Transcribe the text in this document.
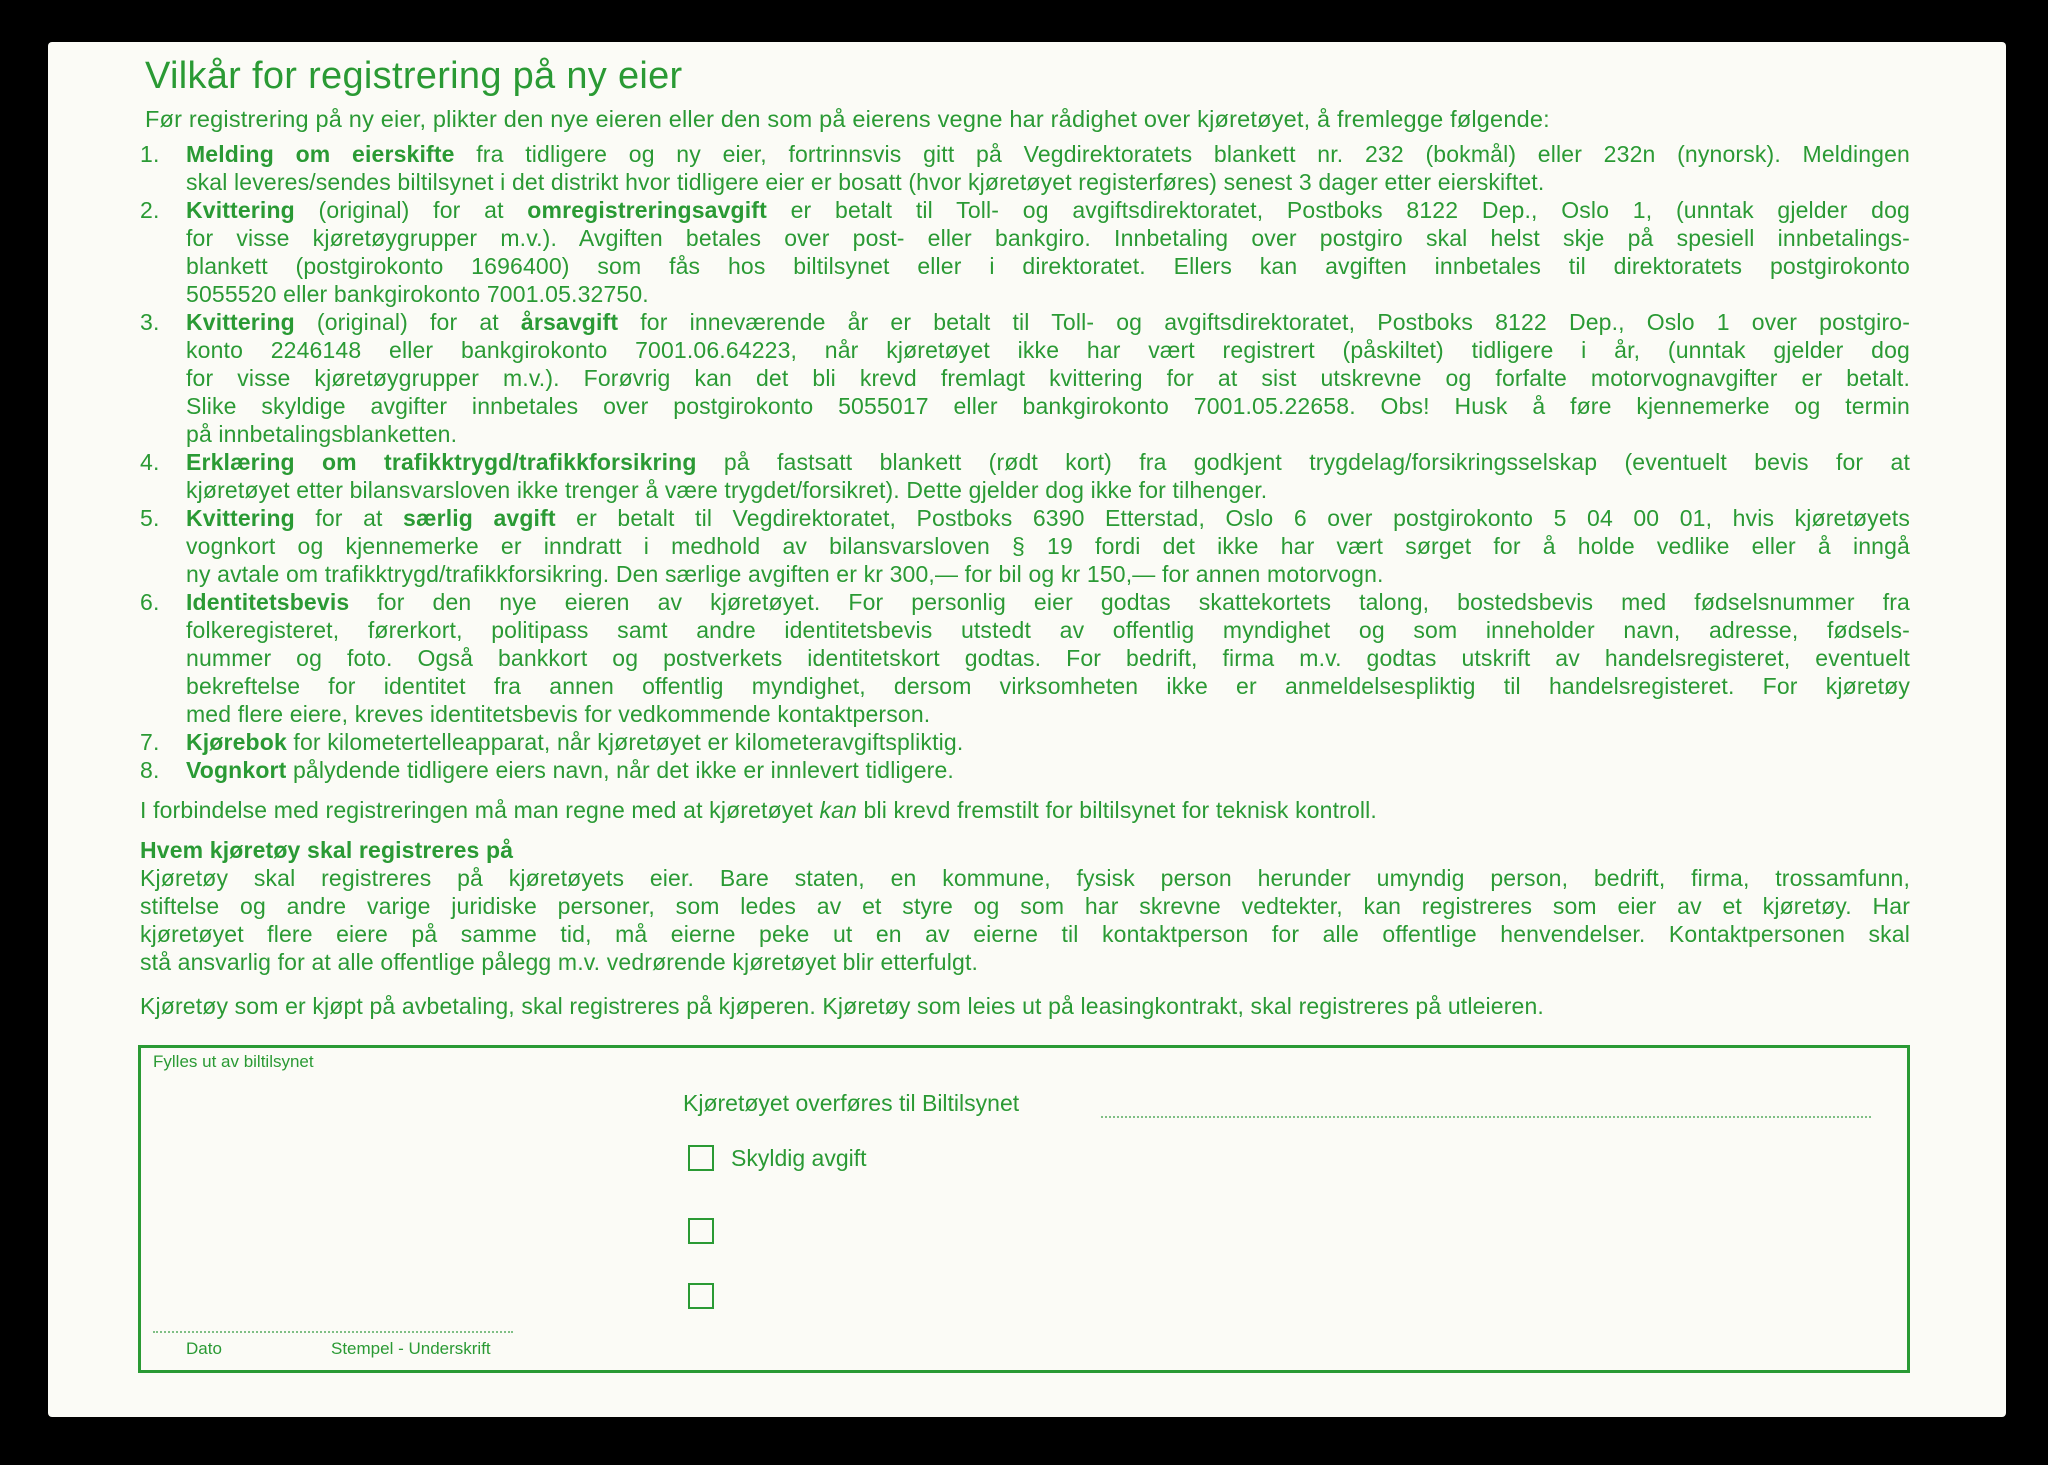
Vilkår for registrering på ny eier
Før registrering på ny eier, plikter den nye eieren eller den som på eierens vegne har rådighet over kjøretøyet, å fremlegge følgende:
1. Melding om eierskifte fra tidligere og ny eier, fortrinnsvis gitt på Vegdirektoratets blankett nr. 232 (bokmål) eller 232n (nynorsk). Meldingen
skal leveres/sendes biltilsynet i det distrikt hvor tidligere eier er bosatt (hvor kjøretøyet registerføres) senest 3 dager etter eierskiftet.
2. Kvittering (original) for at omregistreringsavgift er betalt til Toll- og avgiftsdirektoratet, Postboks 8122 Dep., Oslo 1, (unntak gjelder dog
for visse kjøretøygrupper m.v.). Avgiften betales over post- eller bankgiro. Innbetaling over postgiro skal helst skje på spesiell innbetalings-
blankett (postgirokonto 1696400) som fås hos biltilsynet eller i direktoratet. Ellers kan avgiften innbetales til direktoratets postgirokonto
5055520 eller bankgirokonto 7001.05.32750.
3. Kvittering (original) for at årsavgift for inneværende år er betalt til Toll- og avgiftsdirektoratet, Postboks 8122 Dep., Oslo 1 over postgiro-
konto 2246148 eller bankgirokonto 7001.06.64223, når kjøretøyet ikke har vært registrert (påskiltet) tidligere i år, (unntak gjelder dog
for visse kjøretøygrupper m.v.). Forøvrig kan det bli krevd fremlagt kvittering for at sist utskrevne og forfalte motorvognavgifter er betalt.
Slike skyldige avgifter innbetales over postgirokonto 5055017 eller bankgirokonto 7001.05.22658. Obs! Husk å føre kjennemerke og termin
på innbetalingsblanketten.
4. Erklæring om trafikktrygd/trafikkforsikring på fastsatt blankett (rødt kort) fra godkjent trygdelag/forsikringsselskap (eventuelt bevis for at
kjøretøyet etter bilansvarsloven ikke trenger å være trygdet/forsikret). Dette gjelder dog ikke for tilhenger.
5. Kvittering for at særlig avgift er betalt til Vegdirektoratet, Postboks 6390 Etterstad, Oslo 6 over postgirokonto 5 04 00 01, hvis kjøretøyets
vognkort og kjennemerke er inndratt i medhold av bilansvarsloven § 19 fordi det ikke har vært sørget for å holde vedlike eller å inngå
ny avtale om trafikktrygd/trafikkforsikring. Den særlige avgiften er kr 300,— for bil og kr 150,— for annen motorvogn.
6. Identitetsbevis for den nye eieren av kjøretøyet. For personlig eier godtas skattekortets talong, bostedsbevis med fødselsnummer fra
folkeregisteret, førerkort, politipass samt andre identitetsbevis utstedt av offentlig myndighet og som inneholder navn, adresse, fødsels-
nummer og foto. Også bankkort og postverkets identitetskort godtas. For bedrift, firma m.v. godtas utskrift av handelsregisteret, eventuelt
bekreftelse for identitet fra annen offentlig myndighet, dersom virksomheten ikke er anmeldelsespliktig til handelsregisteret. For kjøretøy
med flere eiere, kreves identitetsbevis for vedkommende kontaktperson.
7. Kjørebok for kilometertelleapparat, når kjøretøyet er kilometeravgiftspliktig.
8. Vognkort pålydende tidligere eiers navn, når det ikke er innlevert tidligere.
I forbindelse med registreringen må man regne med at kjøretøyet kan bli krevd fremstilt for biltilsynet for teknisk kontroll.
Hvem kjøretøy skal registreres på
Kjøretøy skal registreres på kjøretøyets eier. Bare staten, en kommune, fysisk person herunder umyndig person, bedrift, firma, trossamfunn,
stiftelse og andre varige juridiske personer, som ledes av et styre og som har skrevne vedtekter, kan registreres som eier av et kjøretøy. Har
kjøretøyet flere eiere på samme tid, må eierne peke ut en av eierne til kontaktperson for alle offentlige henvendelser. Kontaktpersonen skal
stå ansvarlig for at alle offentlige pålegg m.v. vedrørende kjøretøyet blir etterfulgt.
Kjøretøy som er kjøpt på avbetaling, skal registreres på kjøperen. Kjøretøy som leies ut på leasingkontrakt, skal registreres på utleieren.
Fylles ut av biltilsynet
Kjøretøyet overføres til Biltilsynet
Skyldig avgift
Dato	Stempel - Underskrift
